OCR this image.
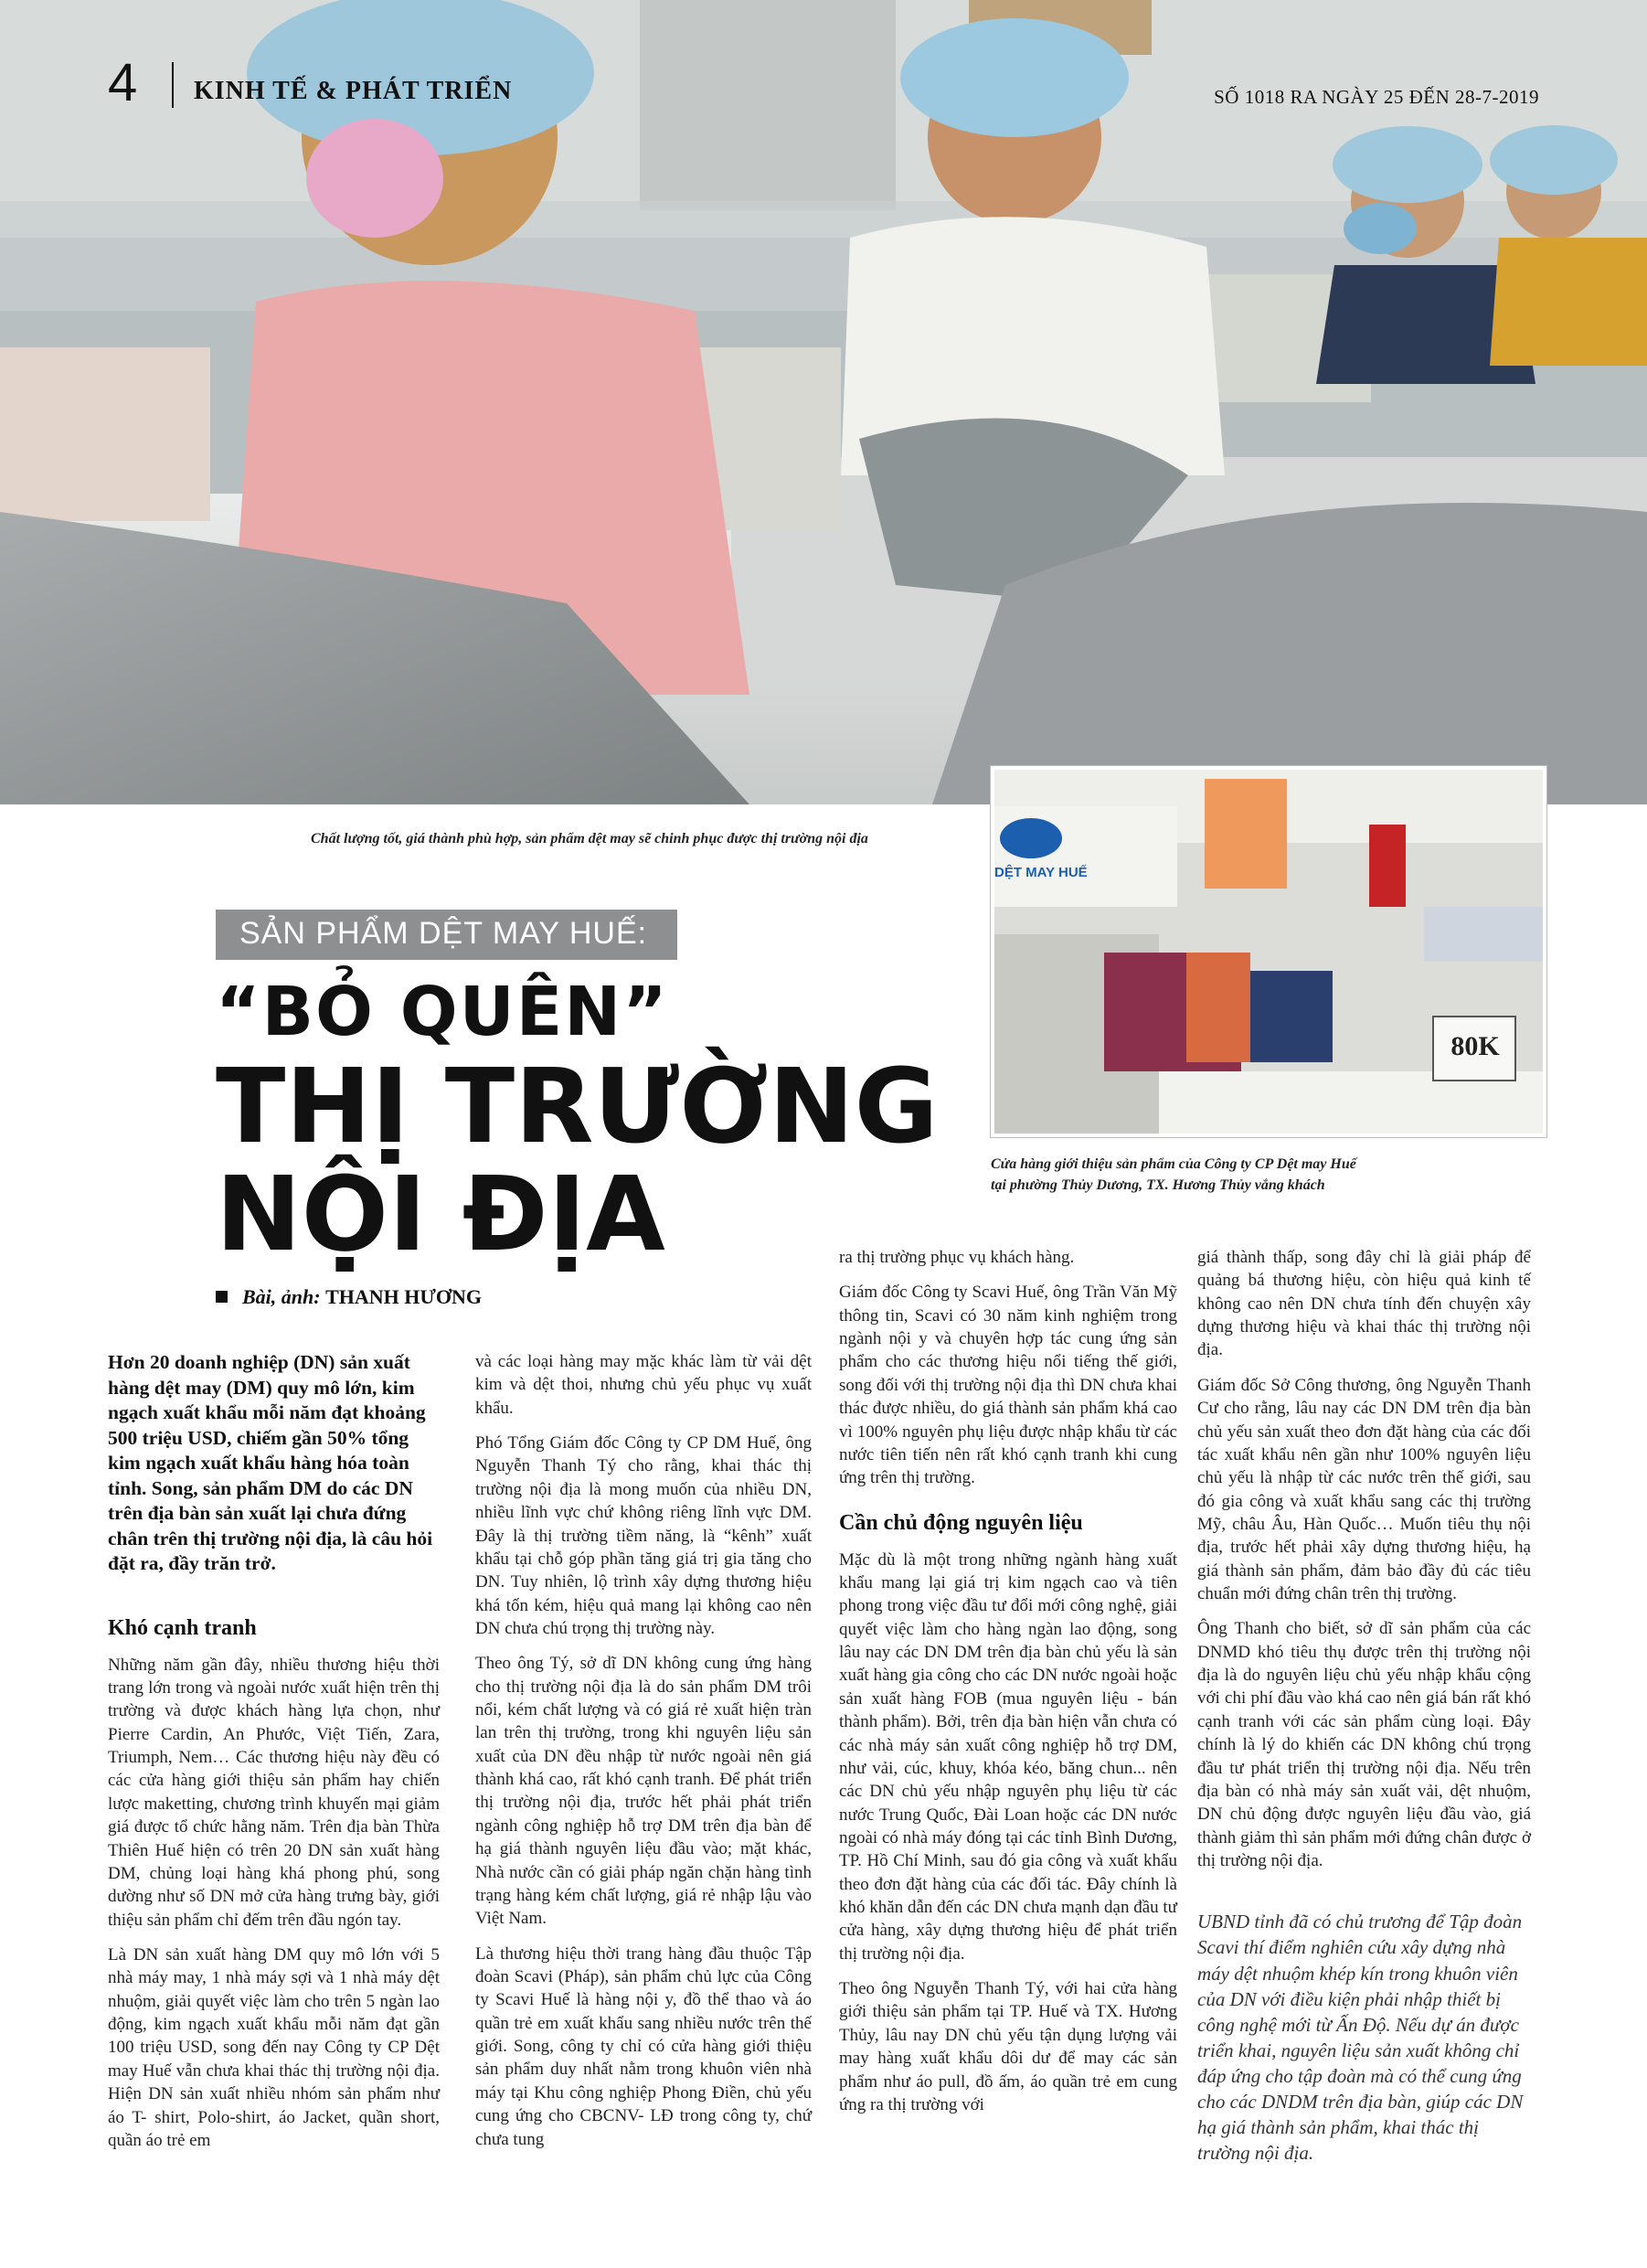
4 KINH TẾ & PHÁT TRIỂN	SỐ 1018 RA NGÀY 25 ĐẾN 28-7-2019
Chất lượng tốt, giá thành phù hợp, sản phẩm dệt may sẽ chinh phục được thị trường nội địa
DỆT MAY HUẾ
80K
Cửa hàng giới thiệu sản phẩm của Công ty CP Dệt may Huế
tại phường Thủy Dương, TX. Hương Thủy vắng khách
SẢN PHẨM DỆT MAY HUẾ:
“BỎ QUÊN”
THỊ TRƯỜNG
NỘI ĐỊA
Bài, ảnh: THANH HƯƠNG

Hơn 20 doanh nghiệp (DN) sản xuất hàng dệt may (DM) quy mô lớn, kim ngạch xuất khẩu mỗi năm đạt khoảng 500 triệu USD, chiếm gần 50% tổng kim ngạch xuất khẩu hàng hóa toàn tỉnh. Song, sản phẩm DM do các DN trên địa bàn sản xuất lại chưa đứng chân trên thị trường nội địa, là câu hỏi đặt ra, đầy trăn trở.

Khó cạnh tranh

Những năm gần đây, nhiều thương hiệu thời trang lớn trong và ngoài nước xuất hiện trên thị trường và được khách hàng lựa chọn, như Pierre Cardin, An Phước, Việt Tiến, Zara, Triumph, Nem… Các thương hiệu này đều có các cửa hàng giới thiệu sản phẩm hay chiến lược maketting, chương trình khuyến mại giảm giá được tổ chức hằng năm. Trên địa bàn Thừa Thiên Huế hiện có trên 20 DN sản xuất hàng DM, chủng loại hàng khá phong phú, song dường như số DN mở cửa hàng trưng bày, giới thiệu sản phẩm chỉ đếm trên đầu ngón tay.

Là DN sản xuất hàng DM quy mô lớn với 5 nhà máy may, 1 nhà máy sợi và 1 nhà máy dệt nhuộm, giải quyết việc làm cho trên 5 ngàn lao động, kim ngạch xuất khẩu mỗi năm đạt gần 100 triệu USD, song đến nay Công ty CP Dệt may Huế vẫn chưa khai thác thị trường nội địa. Hiện DN sản xuất nhiều nhóm sản phẩm như áo T- shirt, Polo-shirt, áo Jacket, quần short, quần áo trẻ em

và các loại hàng may mặc khác làm từ vải dệt kim và dệt thoi, nhưng chủ yếu phục vụ xuất khẩu.

Phó Tổng Giám đốc Công ty CP DM Huế, ông Nguyễn Thanh Tý cho rằng, khai thác thị trường nội địa là mong muốn của nhiều DN, nhiều lĩnh vực chứ không riêng lĩnh vực DM. Đây là thị trường tiềm năng, là “kênh” xuất khẩu tại chỗ góp phần tăng giá trị gia tăng cho DN. Tuy nhiên, lộ trình xây dựng thương hiệu khá tốn kém, hiệu quả mang lại không cao nên DN chưa chú trọng thị trường này.

Theo ông Tý, sở dĩ DN không cung ứng hàng cho thị trường nội địa là do sản phẩm DM trôi nổi, kém chất lượng và có giá rẻ xuất hiện tràn lan trên thị trường, trong khi nguyên liệu sản xuất của DN đều nhập từ nước ngoài nên giá thành khá cao, rất khó cạnh tranh. Để phát triển thị trường nội địa, trước hết phải phát triển ngành công nghiệp hỗ trợ DM trên địa bàn để hạ giá thành nguyên liệu đầu vào; mặt khác, Nhà nước cần có giải pháp ngăn chặn hàng tình trạng hàng kém chất lượng, giá rẻ nhập lậu vào Việt Nam.

Là thương hiệu thời trang hàng đầu thuộc Tập đoàn Scavi (Pháp), sản phẩm chủ lực của Công ty Scavi Huế là hàng nội y, đồ thể thao và áo quần trẻ em xuất khẩu sang nhiều nước trên thế giới. Song, công ty chỉ có cửa hàng giới thiệu sản phẩm duy nhất nằm trong khuôn viên nhà máy tại Khu công nghiệp Phong Điền, chủ yếu cung ứng cho CBCNV- LĐ trong công ty, chứ chưa tung

ra thị trường phục vụ khách hàng.

Giám đốc Công ty Scavi Huế, ông Trần Văn Mỹ thông tin, Scavi có 30 năm kinh nghiệm trong ngành nội y và chuyên hợp tác cung ứng sản phẩm cho các thương hiệu nổi tiếng thế giới, song đối với thị trường nội địa thì DN chưa khai thác được nhiều, do giá thành sản phẩm khá cao vì 100% nguyên phụ liệu được nhập khẩu từ các nước tiên tiến nên rất khó cạnh tranh khi cung ứng trên thị trường.

Cần chủ động nguyên liệu

Mặc dù là một trong những ngành hàng xuất khẩu mang lại giá trị kim ngạch cao và tiên phong trong việc đầu tư đổi mới công nghệ, giải quyết việc làm cho hàng ngàn lao động, song lâu nay các DN DM trên địa bàn chủ yếu là sản xuất hàng gia công cho các DN nước ngoài hoặc sản xuất hàng FOB (mua nguyên liệu - bán thành phẩm). Bởi, trên địa bàn hiện vẫn chưa có các nhà máy sản xuất công nghiệp hỗ trợ DM, như vải, cúc, khuy, khóa kéo, băng chun... nên các DN chủ yếu nhập nguyên phụ liệu từ các nước Trung Quốc, Đài Loan hoặc các DN nước ngoài có nhà máy đóng tại các tỉnh Bình Dương, TP. Hồ Chí Minh, sau đó gia công và xuất khẩu theo đơn đặt hàng của các đối tác. Đây chính là khó khăn dẫn đến các DN chưa mạnh dạn đầu tư cửa hàng, xây dựng thương hiệu để phát triển thị trường nội địa.

Theo ông Nguyễn Thanh Tý, với hai cửa hàng giới thiệu sản phẩm tại TP. Huế và TX. Hương Thủy, lâu nay DN chủ yếu tận dụng lượng vải may hàng xuất khẩu dôi dư để may các sản phẩm như áo pull, đồ ấm, áo quần trẻ em cung ứng ra thị trường với

giá thành thấp, song đây chỉ là giải pháp để quảng bá thương hiệu, còn hiệu quả kinh tế không cao nên DN chưa tính đến chuyện xây dựng thương hiệu và khai thác thị trường nội địa.

Giám đốc Sở Công thương, ông Nguyễn Thanh Cư cho rằng, lâu nay các DN DM trên địa bàn chủ yếu sản xuất theo đơn đặt hàng của các đối tác xuất khẩu nên gần như 100% nguyên liệu chủ yếu là nhập từ các nước trên thế giới, sau đó gia công và xuất khẩu sang các thị trường Mỹ, châu Âu, Hàn Quốc… Muốn tiêu thụ nội địa, trước hết phải xây dựng thương hiệu, hạ giá thành sản phẩm, đảm bảo đầy đủ các tiêu chuẩn mới đứng chân trên thị trường.

Ông Thanh cho biết, sở dĩ sản phẩm của các DNMD khó tiêu thụ được trên thị trường nội địa là do nguyên liệu chủ yếu nhập khẩu cộng với chi phí đầu vào khá cao nên giá bán rất khó cạnh tranh với các sản phẩm cùng loại. Đây chính là lý do khiến các DN không chú trọng đầu tư phát triển thị trường nội địa. Nếu trên địa bàn có nhà máy sản xuất vải, dệt nhuộm, DN chủ động được nguyên liệu đầu vào, giá thành giảm thì sản phẩm mới đứng chân được ở thị trường nội địa.

UBND tỉnh đã có chủ trương để Tập đoàn Scavi thí điểm nghiên cứu xây dựng nhà máy dệt nhuộm khép kín trong khuôn viên của DN với điều kiện phải nhập thiết bị công nghệ mới từ Ấn Độ. Nếu dự án được triển khai, nguyên liệu sản xuất không chỉ đáp ứng cho tập đoàn mà có thể cung ứng cho các DNDM trên địa bàn, giúp các DN hạ giá thành sản phẩm, khai thác thị trường nội địa.
